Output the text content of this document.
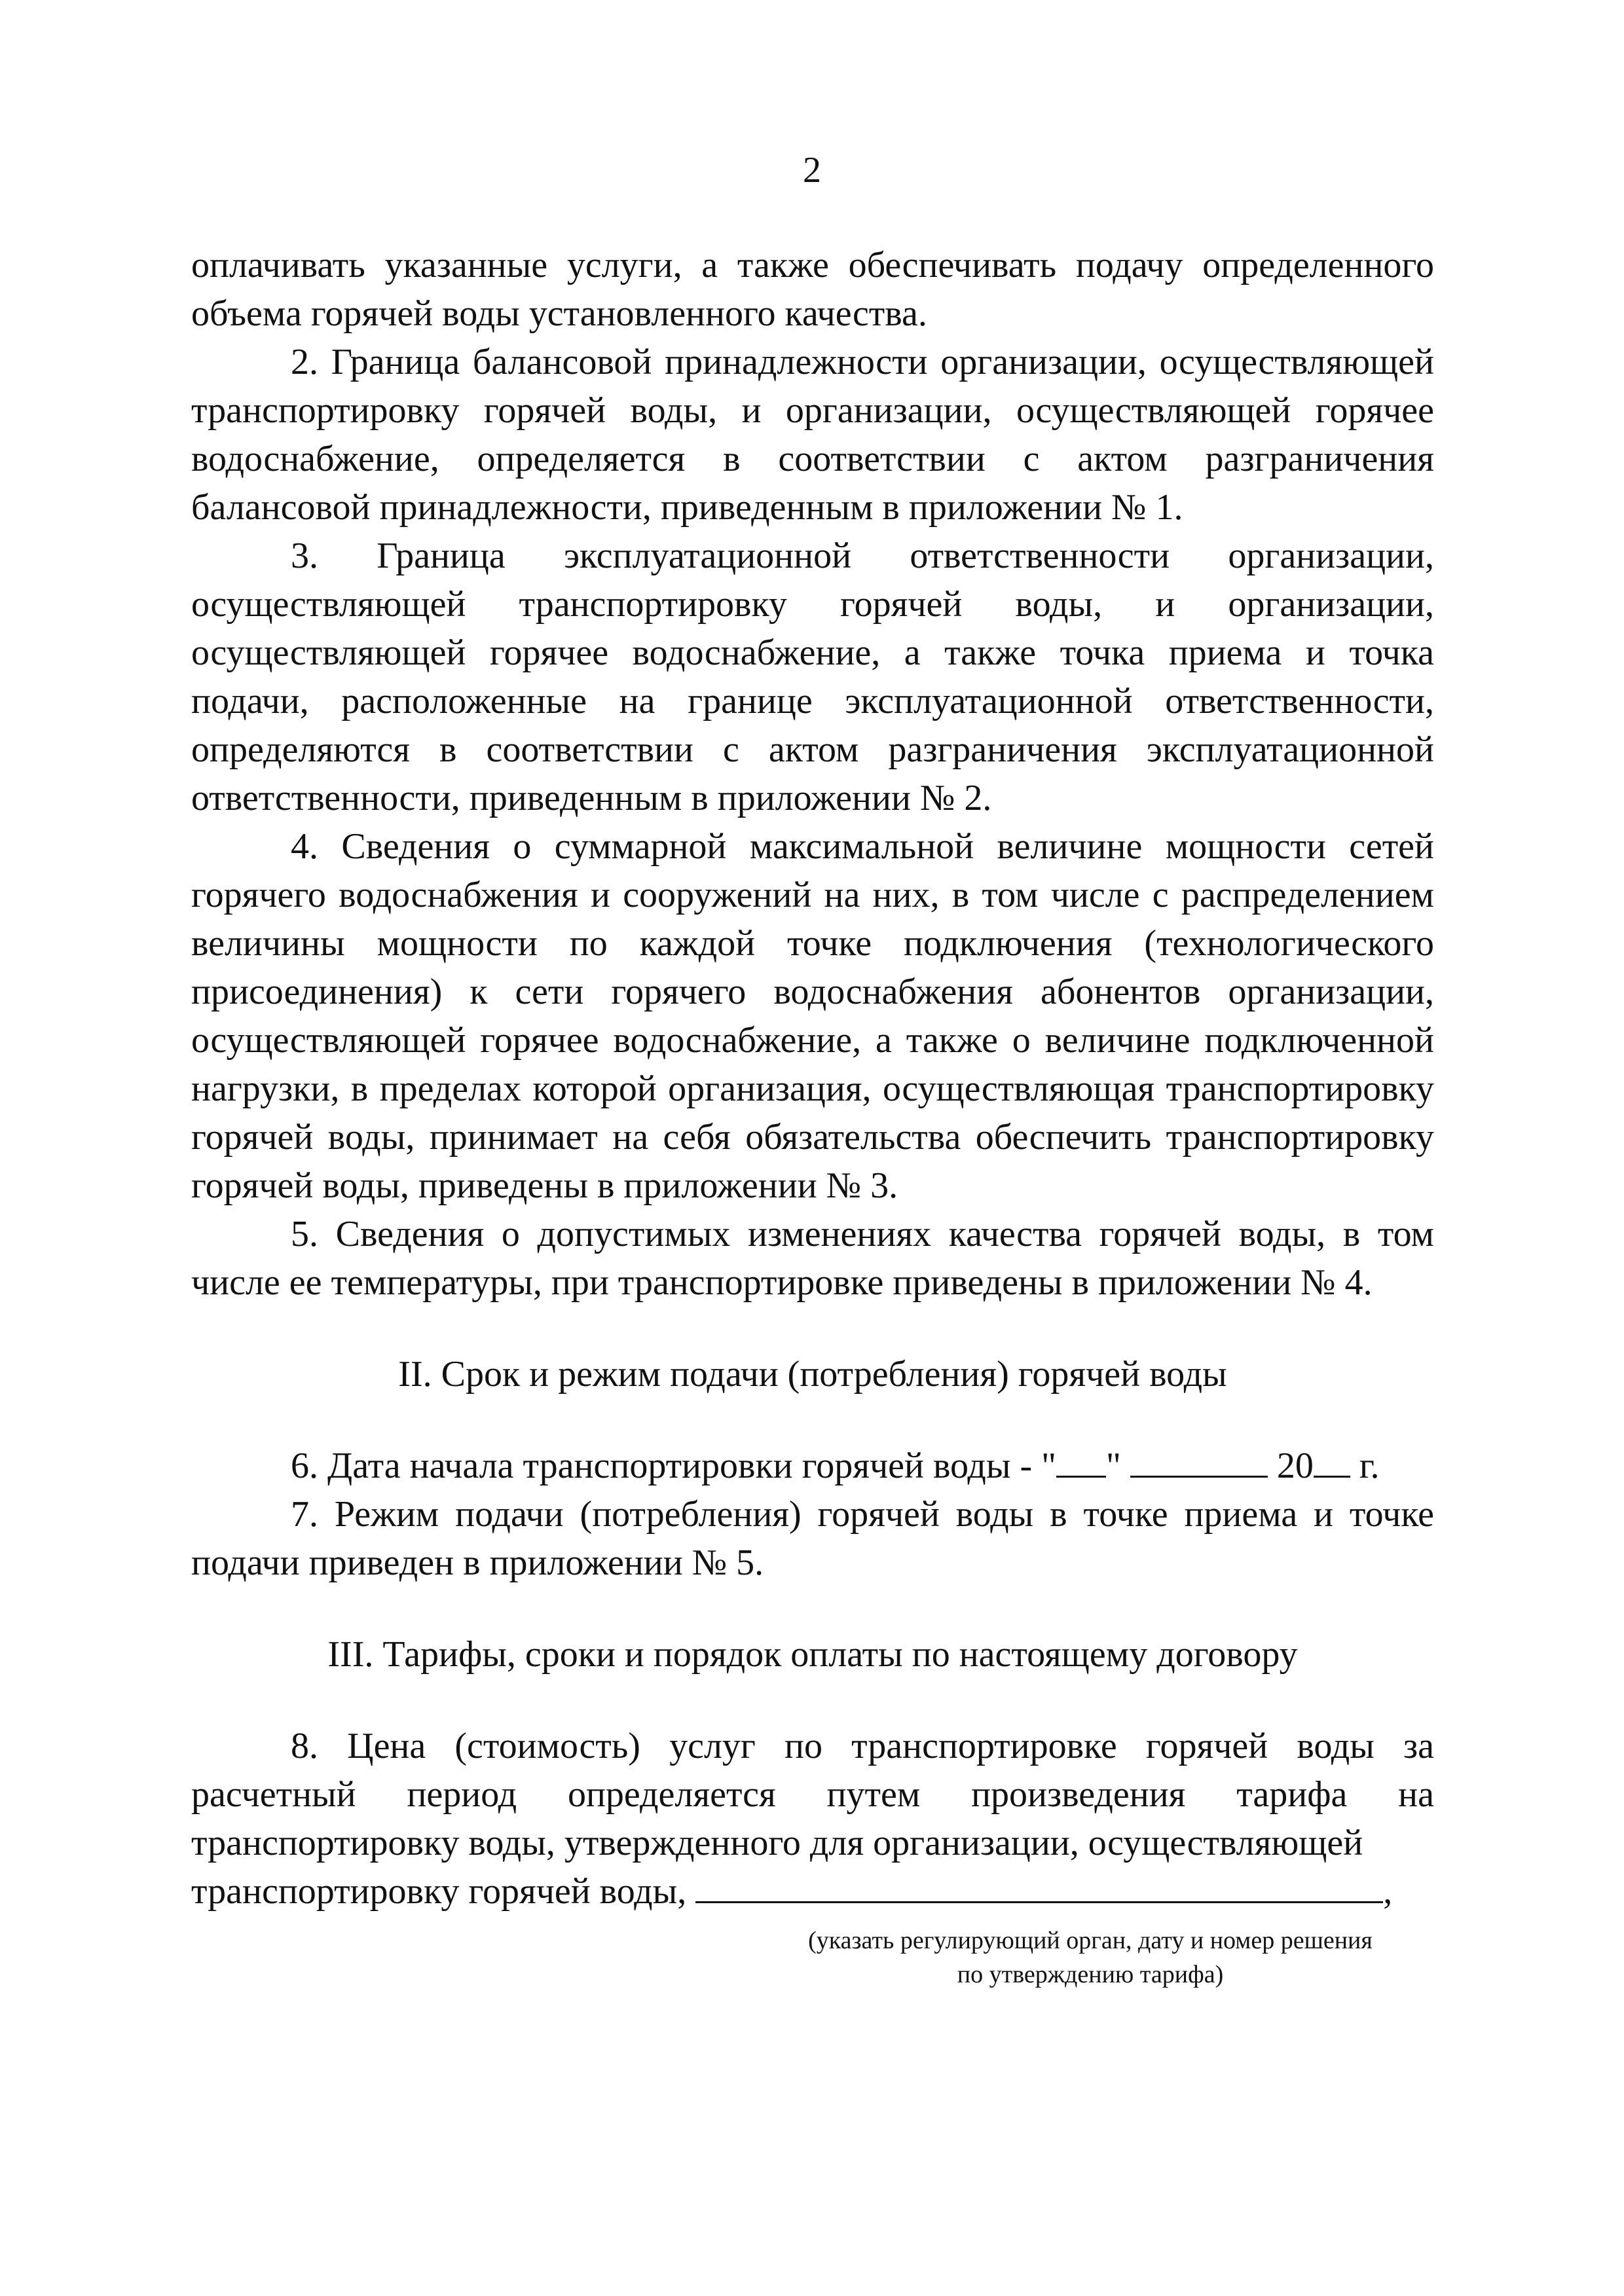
2

оплачивать указанные услуги, а также обеспечивать подачу определенного объема горячей воды установленного качества.

2. Граница балансовой принадлежности организации, осуществляющей транспортировку горячей воды, и организации, осуществляющей горячее водоснабжение, определяется в соответствии с актом разграничения балансовой принадлежности, приведенным в приложении № 1.

3. Граница эксплуатационной ответственности организации, осуществляющей транспортировку горячей воды, и организации, осуществляющей горячее водоснабжение, а также точка приема и точка подачи, расположенные на границе эксплуатационной ответственности, определяются в соответствии с актом разграничения эксплуатационной ответственности, приведенным в приложении № 2.

4. Сведения о суммарной максимальной величине мощности сетей горячего водоснабжения и сооружений на них, в том числе с распределением величины мощности по каждой точке подключения (технологического присоединения) к сети горячего водоснабжения абонентов организации, осуществляющей горячее водоснабжение, а также о величине подключенной нагрузки, в пределах которой организация, осуществляющая транспортировку горячей воды, принимает на себя обязательства обеспечить транспортировку горячей воды, приведены в приложении № 3.

5. Сведения о допустимых изменениях качества горячей воды, в том числе ее температуры, при транспортировке приведены в приложении № 4.

II. Срок и режим подачи (потребления) горячей воды

6. Дата начала транспортировки горячей воды - " "	20 г.

7. Режим подачи (потребления) горячей воды в точке приема и точке подачи приведен в приложении № 5.

III. Тарифы, сроки и порядок оплаты по настоящему договору

8. Цена (стоимость) услуг по транспортировке горячей воды за расчетный период определяется путем произведения тарифа на транспортировку воды, утвержденного для организации, осуществляющей

транспортировку горячей воды,	,
(указать регулирующий орган, дату и номер решения
по утверждению тарифа)
